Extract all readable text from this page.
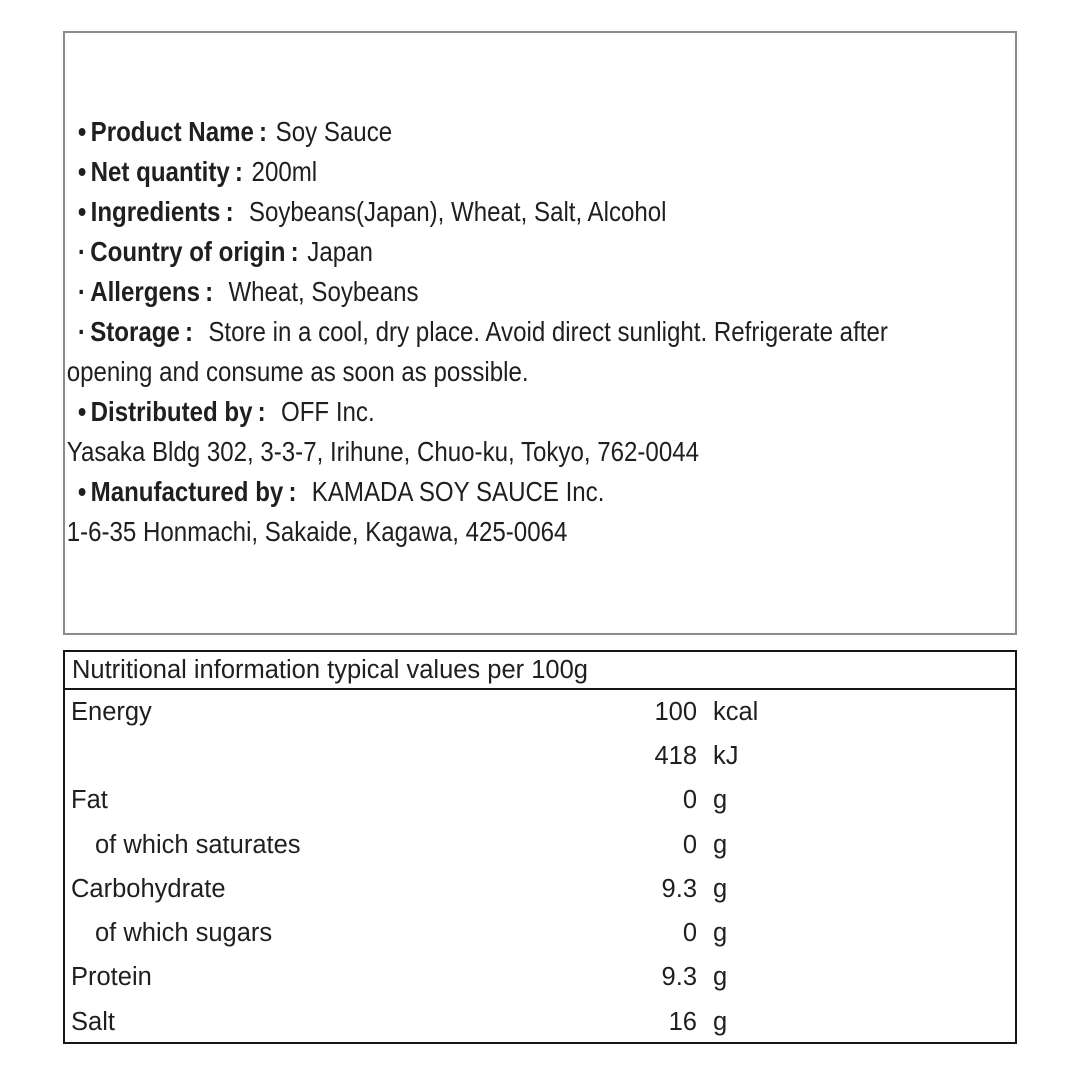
• Product Name : Soy Sauce
• Net quantity : 200ml
• Ingredients : Soybeans(Japan), Wheat, Salt, Alcohol
· Country of origin : Japan
· Allergens : Wheat, Soybeans
· Storage : Store in a cool, dry place. Avoid direct sunlight. Refrigerate after
opening and consume as soon as possible.
• Distributed by : OFF Inc.
Yasaka Bldg 302, 3-3-7, Irihune, Chuo-ku, Tokyo, 762-0044
• Manufactured by : KAMADA SOY SAUCE Inc.
1-6-35 Honmachi, Sakaide, Kagawa, 425-0064
Nutritional information typical values per 100g
Energy	100 kcal
418 kJ
Fat	0 g
of which saturates	0 g
Carbohydrate	9.3 g
of which sugars	0 g
Protein	9.3 g
Salt	16 g
